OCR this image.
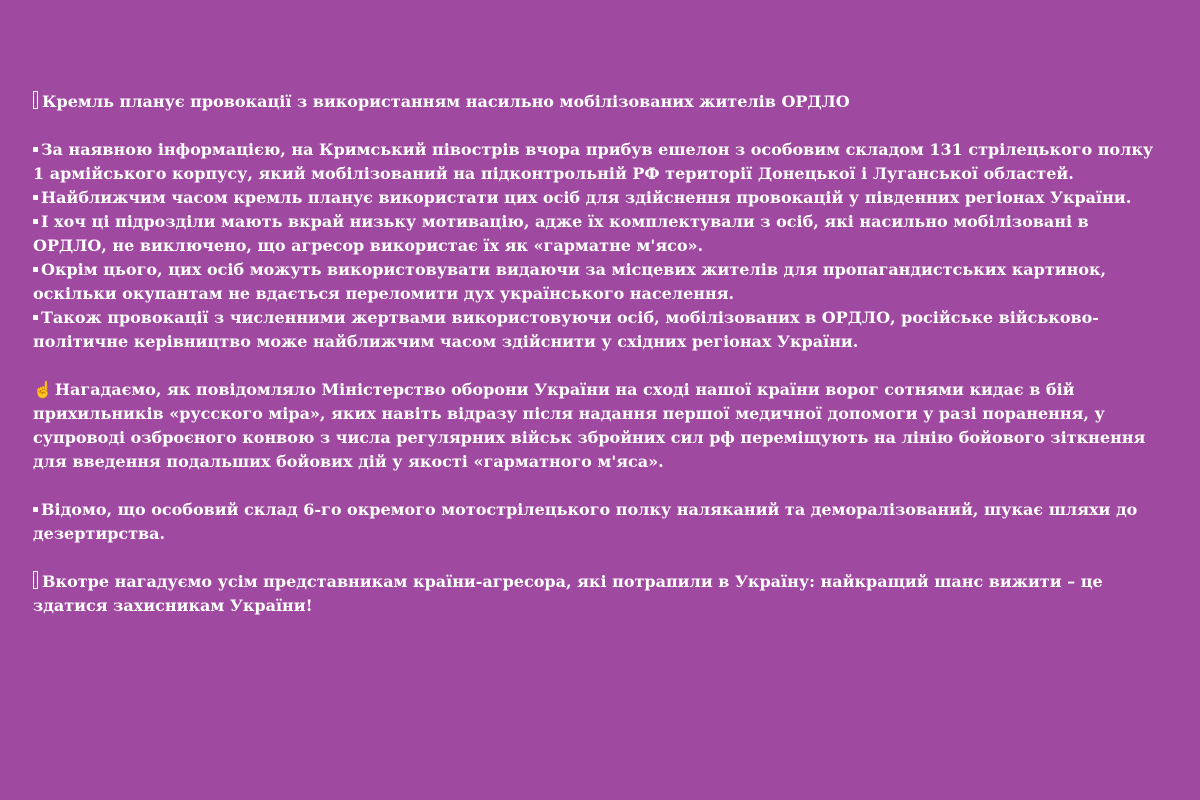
Кремль планує провокації з використанням насильно мобілізованих жителів ОРДЛО

За наявною інформацією, на Кримський півострів вчора прибув ешелон з особовим складом 131 стрілецького полку 1 армійського корпусу, який мобілізований на підконтрольній РФ території Донецької і Луганської областей.

Найближчим часом кремль планує використати цих осіб для здійснення провокацій у південних регіонах України.

І хоч ці підрозділи мають вкрай низьку мотивацію, адже їх комплектували з осіб, які насильно мобілізовані в ОРДЛО, не виключено, що агресор використає їх як «гарматне м'ясо».

Окрім цього, цих осіб можуть використовувати видаючи за місцевих жителів для пропагандистських картинок, оскільки окупантам не вдається переломити дух українського населення.

Також провокації з численними жертвами використовуючи осіб, мобілізованих в ОРДЛО, російське військово-політичне керівництво може найближчим часом здійснити у східних регіонах України.

☝ Нагадаємо, як повідомляло Міністерство оборони України на сході нашої країни ворог сотнями кидає в бій прихильників «русского міра», яких навіть відразу після надання першої медичної допомоги у разі поранення, у супроводі озброєного конвою з числа регулярних військ збройних сил рф переміщують на лінію бойового зіткнення для введення подальших бойових дій у якості «гарматного м'яса».

Відомо, що особовий склад 6-го окремого мотострілецького полку наляканий та деморалізований, шукає шляхи до дезертирства.

Вкотре нагадуємо усім представникам країни-агресора, які потрапили в Україну: найкращий шанс вижити – це здатися захисникам України!
